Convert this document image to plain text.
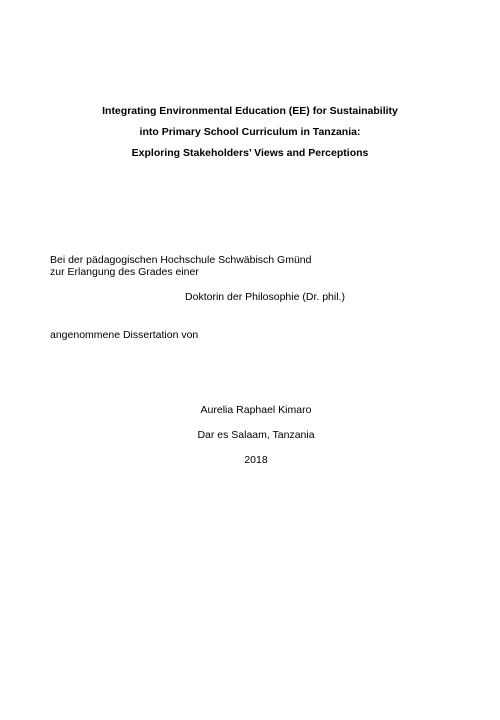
Integrating Environmental Education (EE) for Sustainability
into Primary School Curriculum in Tanzania:
Exploring Stakeholders’ Views and Perceptions
Bei der pädagogischen Hochschule Schwäbisch Gmünd
zur Erlangung des Grades einer
Doktorin der Philosophie (Dr. phil.)
angenommene Dissertation von
Aurelia Raphael Kimaro
Dar es Salaam, Tanzania
2018
